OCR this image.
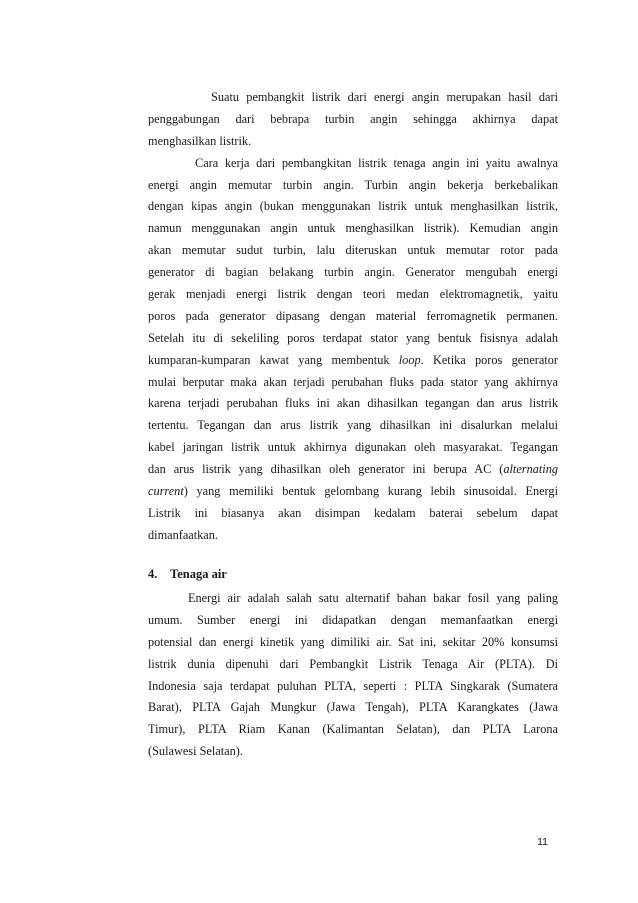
Suatu pembangkit listrik dari energi angin merupakan hasil dari
penggabungan dari bebrapa turbin angin sehingga akhirnya dapat
menghasilkan listrik.
Cara kerja dari pembangkitan listrik tenaga angin ini yaitu awalnya
energi angin memutar turbin angin. Turbin angin bekerja berkebalikan
dengan kipas angin (bukan menggunakan listrik untuk menghasilkan listrik,
namun menggunakan angin untuk menghasilkan listrik). Kemudian angin
akan memutar sudut turbin, lalu diteruskan untuk memutar rotor pada
generator di bagian belakang turbin angin. Generator mengubah energi
gerak menjadi energi listrik dengan teori medan elektromagnetik, yaitu
poros pada generator dipasang dengan material ferromagnetik permanen.
Setelah itu di sekeliling poros terdapat stator yang bentuk fisisnya adalah
kumparan-kumparan kawat yang membentuk loop. Ketika poros generator
mulai berputar maka akan terjadi perubahan fluks pada stator yang akhirnya
karena terjadi perubahan fluks ini akan dihasilkan tegangan dan arus listrik
tertentu. Tegangan dan arus listrik yang dihasilkan ini disalurkan melalui
kabel jaringan listrik untuk akhirnya digunakan oleh masyarakat. Tegangan
dan arus listrik yang dihasilkan oleh generator ini berupa AC (alternating
current) yang memiliki bentuk gelombang kurang lebih sinusoidal. Energi
Listrik ini biasanya akan disimpan kedalam baterai sebelum dapat
dimanfaatkan.
4. Tenaga air
Energi air adalah salah satu alternatif bahan bakar fosil yang paling
umum. Sumber energi ini didapatkan dengan memanfaatkan energi
potensial dan energi kinetik yang dimiliki air. Sat ini, sekitar 20% konsumsi
listrik dunia dipenuhi dari Pembangkit Listrik Tenaga Air (PLTA). Di
Indonesia saja terdapat puluhan PLTA, seperti : PLTA Singkarak (Sumatera
Barat), PLTA Gajah Mungkur (Jawa Tengah), PLTA Karangkates (Jawa
Timur), PLTA Riam Kanan (Kalimantan Selatan), dan PLTA Larona
(Sulawesi Selatan).
11
